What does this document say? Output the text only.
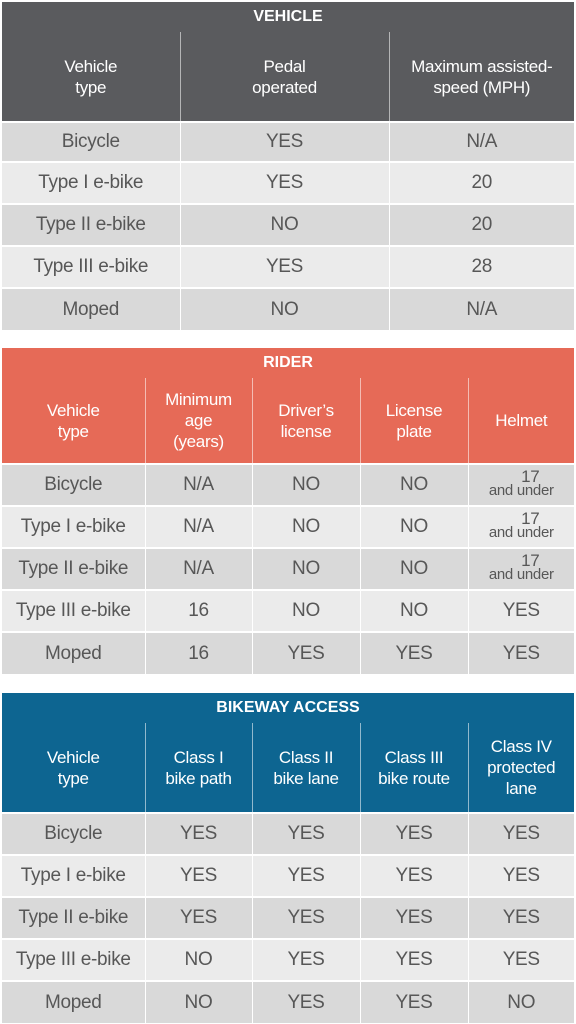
VEHICLE		

Vehicle type	Pedal operated	Maximum assisted-speed (MPH)

Bicycle	YES	N/A
Type I e-bike	YES	20
Type II e-bike	NO	20
Type III e-bike	YES	28
Moped	NO	N/A
RIDER				

Vehicle type	Minimum age (years)	Driver’s license	License plate	Helmet

Bicycle	N/A	NO	NO	17
and under
Type I e-bike	N/A	NO	NO	17
and under
Type II e-bike	N/A	NO	NO	17
and under
Type III e-bike	16	NO	NO	YES
Moped	16	YES	YES	YES
BIKEWAY ACCESS				

Vehicle type	Class I bike path	Class II bike lane	Class III bike route	Class IV protected lane

Bicycle	YES	YES	YES	YES
Type I e-bike	YES	YES	YES	YES
Type II e-bike	YES	YES	YES	YES
Type III e-bike	NO	YES	YES	YES
Moped	NO	YES	YES	NO
